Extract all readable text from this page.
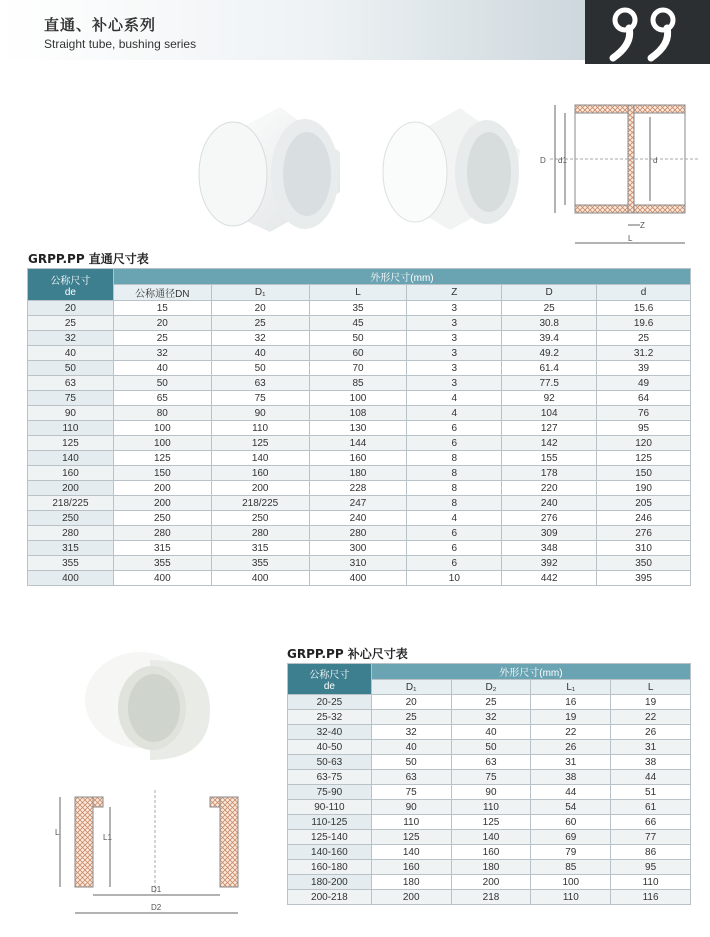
直通、补心系列
Straight tube, bushing series
D d1	d
Z
L
GRPP.PP 直通尺寸表
公称尺寸
de	外形尺寸(mm)					
	公称通径DN	D₁	L	Z	D	d
20	15	20	35	3	25	15.6
25	20	25	45	3	30.8	19.6
32	25	32	50	3	39.4	25
40	32	40	60	3	49.2	31.2
50	40	50	70	3	61.4	39
63	50	63	85	3	77.5	49
75	65	75	100	4	92	64
90	80	90	108	4	104	76
110	100	110	130	6	127	95
125	100	125	144	6	142	120
140	125	140	160	8	155	125
160	150	160	180	8	178	150
200	200	200	228	8	220	190
218/225	200	218/225	247	8	240	205
250	250	250	240	4	276	246
280	280	280	280	6	309	276
315	315	315	300	6	348	310
355	355	355	310	6	392	350
400	400	400	400	10	442	395
L
L1
D1
D2
GRPP.PP 补心尺寸表
公称尺寸
de	外形尺寸(mm)			
	D₁	D₂	L₁	L
20-25	20	25	16	19
25-32	25	32	19	22
32-40	32	40	22	26
40-50	40	50	26	31
50-63	50	63	31	38
63-75	63	75	38	44
75-90	75	90	44	51
90-110	90	110	54	61
110-125	110	125	60	66
125-140	125	140	69	77
140-160	140	160	79	86
160-180	160	180	85	95
180-200	180	200	100	110
200-218	200	218	110	116
